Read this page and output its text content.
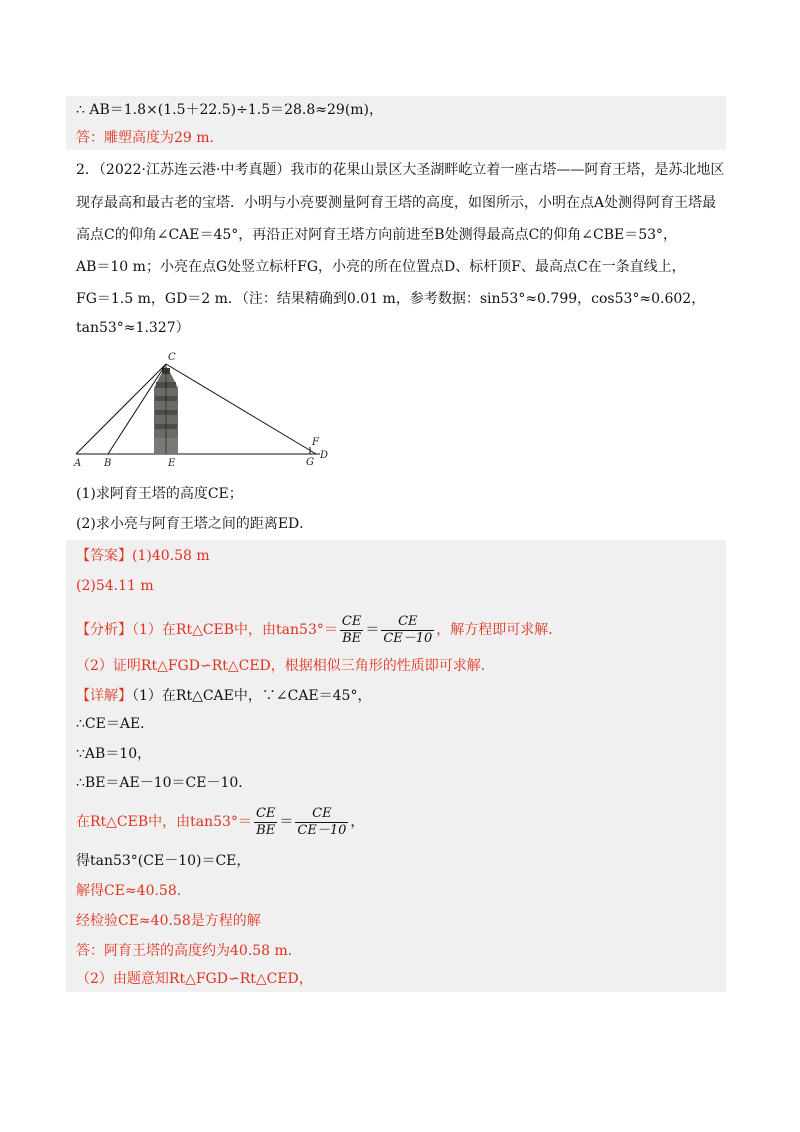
∴ AB＝1.8×(1.5＋22.5)÷1.5＝28.8≈29(m)，
答：雕塑高度为29 m．
2．（2022·江苏连云港·中考真题）我市的花果山景区大圣湖畔屹立着一座古塔——阿育王塔，是苏北地区
现存最高和最古老的宝塔．小明与小亮要测量阿育王塔的高度，如图所示，小明在点A处测得阿育王塔最
高点C的仰角∠CAE＝45°，再沿正对阿育王塔方向前进至B处测得最高点C的仰角∠CBE＝53°，
AB＝10 m；小亮在点G处竖立标杆FG，小亮的所在位置点D、标杆顶F、最高点C在一条直线上，
FG＝1.5 m，GD＝2 m．（注：结果精确到0.01 m，参考数据：sin53°≈0.799，cos53°≈0.602，
tan53°≈1.327）
C
A B	E	G
F
D
(1)求阿育王塔的高度CE；
(2)求小亮与阿育王塔之间的距离ED．
【答案】(1)40.58 m
(2)54.11 m
【分析】（1）在Rt△CEB中，由$\tan 53^\circ= \frac{CE}{BE} = \frac{CE}{CE-10}$ ，解方程即可求解．
（2）证明Rt△FGD∽Rt△CED，根据相似三角形的性质即可求解．
【详解】（1）在Rt△CAE中，∵∠CAE＝45°，
∴CE＝AE．
∵AB＝10，
∴BE＝AE－10＝CE－10．
在Rt△CEB中，由$\tan 53^\circ= \frac{CE}{BE} = \frac{CE}{CE-10}$ ，
得tan53°(CE－10)＝CE，
解得CE≈40.58．
经检验CE≈40.58是方程的解
答：阿育王塔的高度约为40.58 m．
（2）由题意知Rt△FGD∽Rt△CED，
